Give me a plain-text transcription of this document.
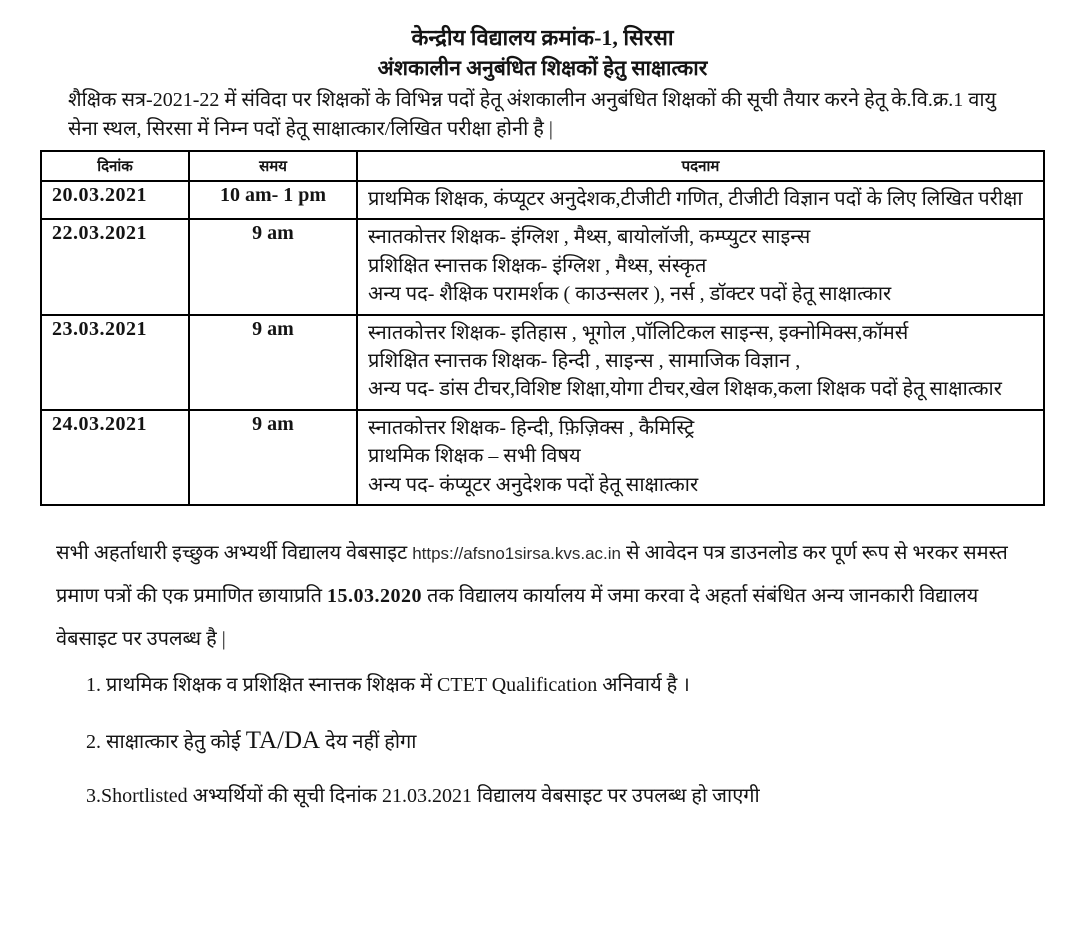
केन्द्रीय विद्यालय क्रमांक-1, सिरसा
अंशकालीन अनुबंधित शिक्षकों हेतु साक्षात्कार

शैक्षिक सत्र-2021-22 में संविदा पर शिक्षकों के विभिन्न पदों हेतू अंशकालीन अनुबंधित शिक्षकों की सूची तैयार करने हेतू के.वि.क्र.1 वायु सेना स्थल, सिरसा में निम्न पदों हेतू साक्षात्कार/लिखित परीक्षा होनी है |

दिनांक	समय	पदनाम
20.03.2021	10 am- 1 pm	प्राथमिक शिक्षक, कंप्यूटर अनुदेशक,टीजीटी गणित, टीजीटी विज्ञान पदों के लिए लिखित परीक्षा

22.03.2021	9 am	स्नातकोत्तर शिक्षक- इंग्लिश , मैथ्स, बायोलॉजी, कम्प्युटर साइन्स
प्रशिक्षित स्नात्तक शिक्षक- इंग्लिश , मैथ्स, संस्कृत
अन्य पद- शैक्षिक परामर्शक ( काउन्सलर ), नर्स , डॉक्टर पदों हेतू साक्षात्कार

23.03.2021	9 am	स्नातकोत्तर शिक्षक- इतिहास , भूगोल ,पॉलिटिकल साइन्स, इक्नोमिक्स,कॉमर्स
प्रशिक्षित स्नात्तक शिक्षक- हिन्दी , साइन्स , सामाजिक विज्ञान ,
अन्य पद- डांस टीचर,विशिष्ट शिक्षा,योगा टीचर,खेल शिक्षक,कला शिक्षक पदों हेतू साक्षात्कार

24.03.2021	9 am	स्नातकोत्तर शिक्षक- हिन्दी, फ़िज़िक्स , कैमिस्ट्रि
प्राथमिक शिक्षक – सभी विषय
अन्य पद- कंप्यूटर अनुदेशक पदों हेतू साक्षात्कार

सभी अहर्ताधारी इच्छुक अभ्यर्थी विद्यालय वेबसाइट https://afsno1sirsa.kvs.ac.in से आवेदन पत्र डाउनलोड कर पूर्ण रूप से भरकर समस्त प्रमाण पत्रों की एक प्रमाणित छायाप्रति 15.03.2020 तक विद्यालय कार्यालय में जमा करवा दे अहर्ता संबंधित अन्य जानकारी विद्यालय वेबसाइट पर उपलब्ध है |

1. प्राथमिक शिक्षक व प्रशिक्षित स्नात्तक शिक्षक में CTET Qualification अनिवार्य है ।

2. साक्षात्कार हेतु कोई TA/DA देय नहीं होगा

3.Shortlisted अभ्यर्थियों की सूची दिनांक 21.03.2021 विद्यालय वेबसाइट पर उपलब्ध हो जाएगी
